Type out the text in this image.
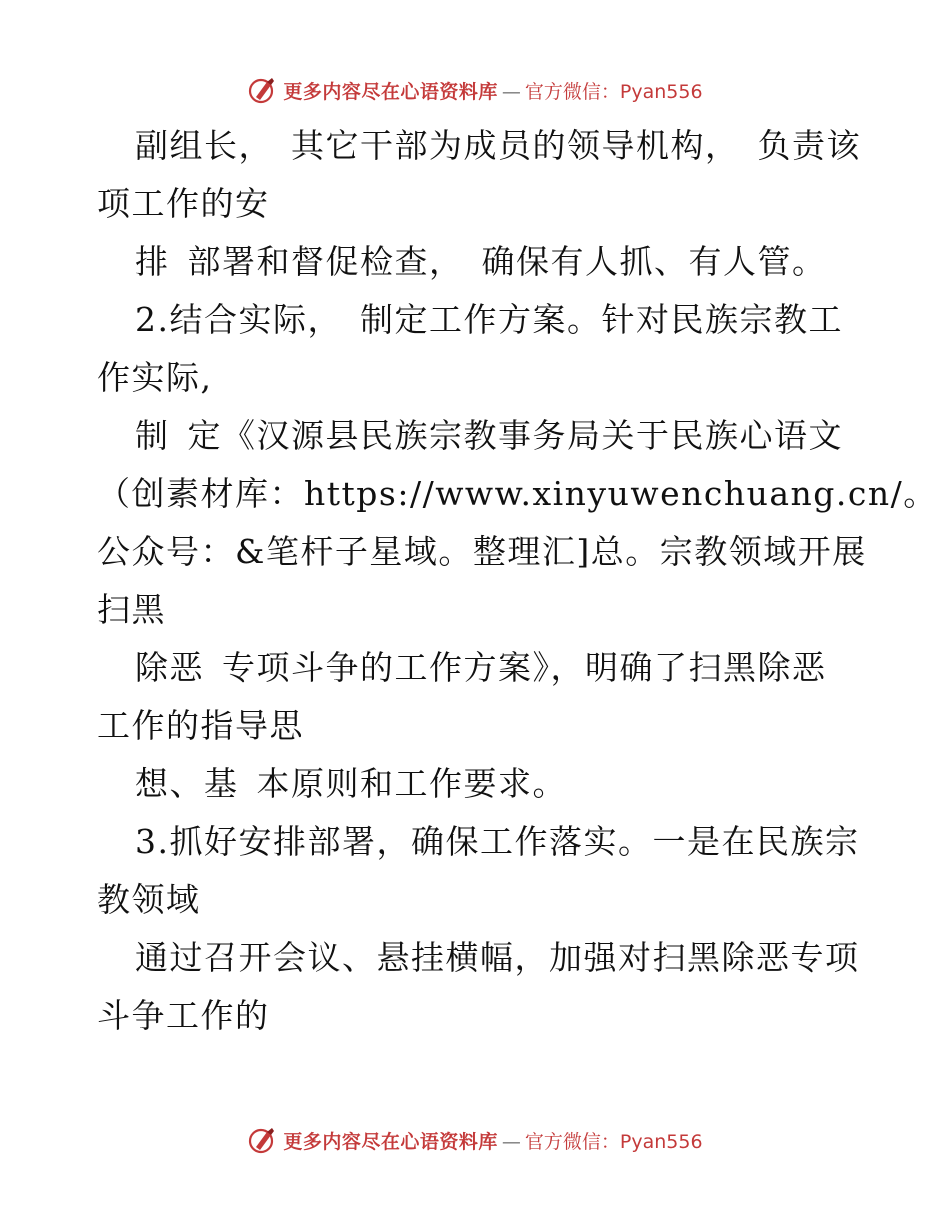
更多内容尽在心语资料库 — 官方微信：Pyan556
副组长， 其它干部为成员的领导机构， 负责该
项工作的安
排 部署和督促检查， 确保有人抓、有人管。
2.结合实际， 制定工作方案。针对民族宗教工
作实际,
制 定《汉源县民族宗教事务局关于民族心语文
（创素材库：https://www.xinyuwenchuang.cn/。
公众号：&笔杆子星域。整理汇]总。宗教领域开展
扫黑
除恶 专项斗争的工作方案》，明确了扫黑除恶
工作的指导思
想、基 本原则和工作要求。
3.抓好安排部署，确保工作落实。一是在民族宗
教领域
通过召开会议、悬挂横幅，加强对扫黑除恶专项
斗争工作的
更多内容尽在心语资料库 — 官方微信：Pyan556
